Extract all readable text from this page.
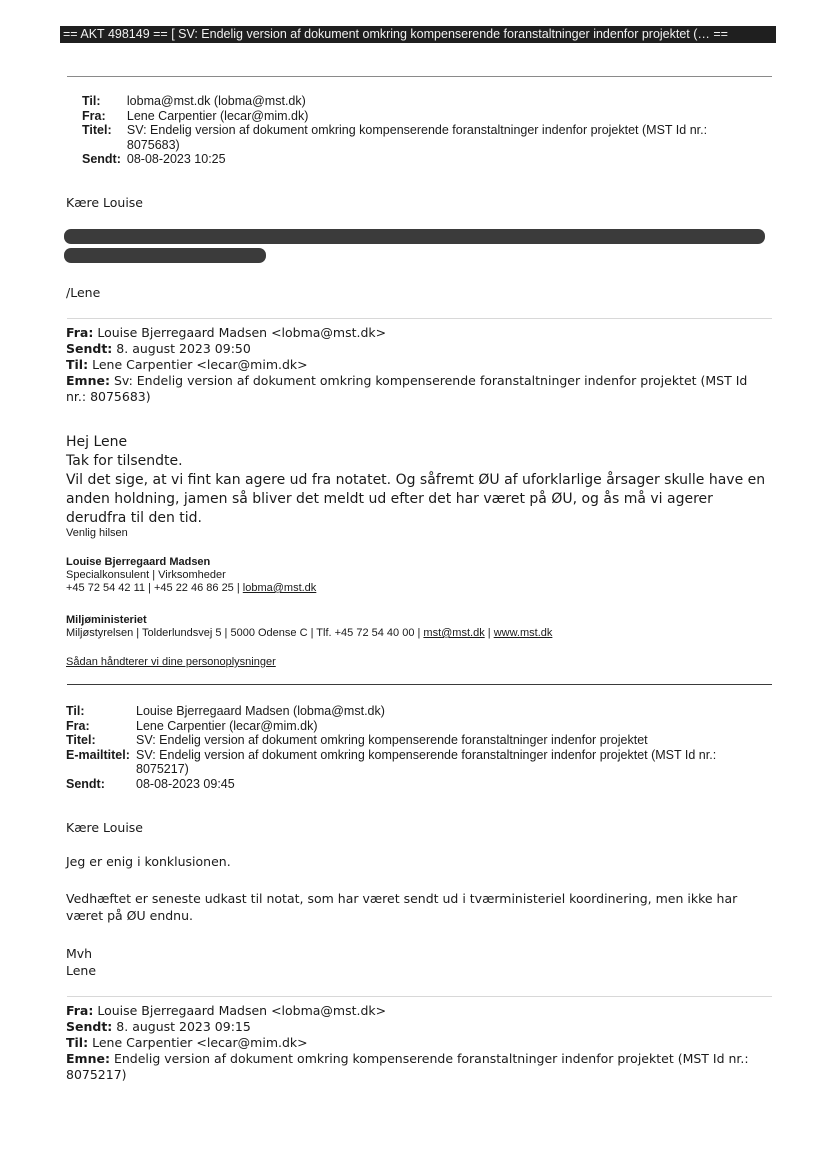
== AKT 498149 == [ SV: Endelig version af dokument omkring kompenserende foranstaltninger indenfor projektet (… ==
Til:	lobma@mst.dk (lobma@mst.dk)
Fra:	Lene Carpentier (lecar@mim.dk)
Titel:	SV: Endelig version af dokument omkring kompenserende foranstaltninger indenfor projektet (MST Id nr.: 8075683)
Sendt:	08-08-2023 10:25
Kære Louise
/Lene
Fra: Louise Bjerregaard Madsen <lobma@mst.dk>
Sendt: 8. august 2023 09:50
Til: Lene Carpentier <lecar@mim.dk>
Emne: Sv: Endelig version af dokument omkring kompenserende foranstaltninger indenfor projektet (MST Id nr.: 8075683)
Hej Lene
Tak for tilsendte.
Vil det sige, at vi fint kan agere ud fra notatet. Og såfremt ØU af uforklarlige årsager skulle have en anden holdning, jamen så bliver det meldt ud efter det har været på ØU, og ås må vi agerer derudfra til den tid.
Venlig hilsen
Louise Bjerregaard Madsen
Specialkonsulent | Virksomheder
+45 72 54 42 11 | +45 22 46 86 25 | lobma@mst.dk
Miljøministeriet
Miljøstyrelsen | Tolderlundsvej 5 | 5000 Odense C | Tlf. +45 72 54 40 00 | mst@mst.dk | www.mst.dk
Sådan håndterer vi dine personoplysninger
Til:	Louise Bjerregaard Madsen (lobma@mst.dk)
Fra:	Lene Carpentier (lecar@mim.dk)
Titel:	SV: Endelig version af dokument omkring kompenserende foranstaltninger indenfor projektet
E-mailtitel:	SV: Endelig version af dokument omkring kompenserende foranstaltninger indenfor projektet (MST Id nr.: 8075217)
Sendt:	08-08-2023 09:45
Kære Louise
Jeg er enig i konklusionen.
Vedhæftet er seneste udkast til notat, som har været sendt ud i tværministeriel koordinering, men ikke har været på ØU endnu.
Mvh
Lene
Fra: Louise Bjerregaard Madsen <lobma@mst.dk>
Sendt: 8. august 2023 09:15
Til: Lene Carpentier <lecar@mim.dk>
Emne: Endelig version af dokument omkring kompenserende foranstaltninger indenfor projektet (MST Id nr.: 8075217)
